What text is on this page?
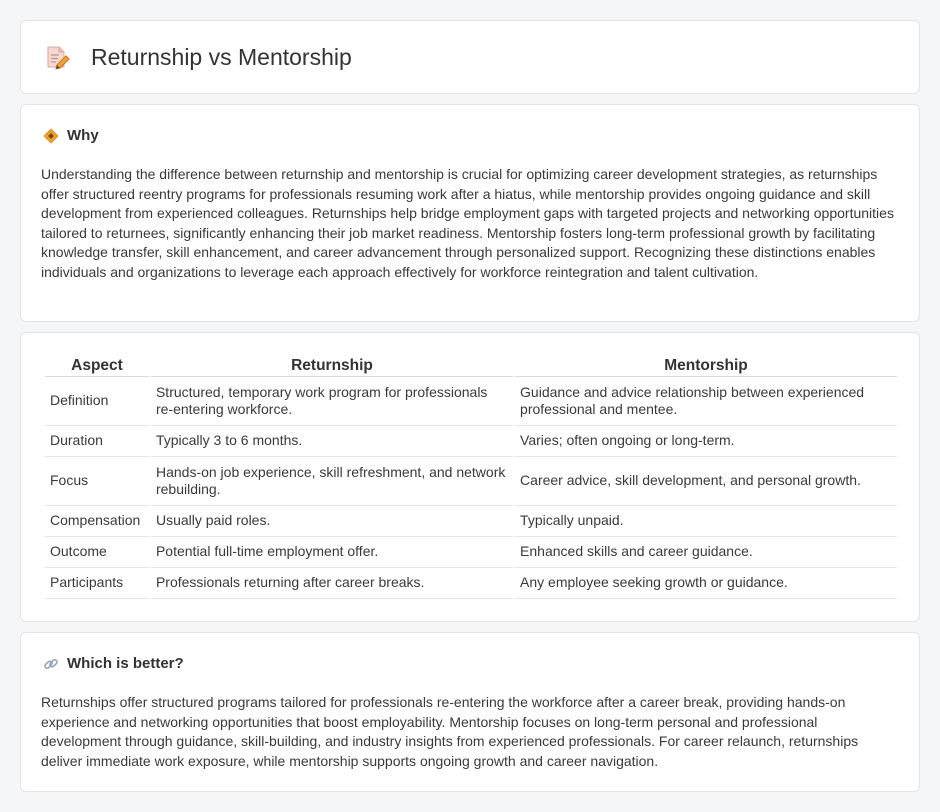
Returnship vs Mentorship
Why

Understanding the difference between returnship and mentorship is crucial for optimizing career development strategies, as returnships offer structured reentry programs for professionals resuming work after a hiatus, while mentorship provides ongoing guidance and skill development from experienced colleagues. Returnships help bridge employment gaps with targeted projects and networking opportunities tailored to returnees, significantly enhancing their job market readiness. Mentorship fosters long-term professional growth by facilitating knowledge transfer, skill enhancement, and career advancement through personalized support. Recognizing these distinctions enables individuals and organizations to leverage each approach effectively for workforce reintegration and talent cultivation.

Aspect	Returnship	Mentorship
Definition	Structured, temporary work program for professionals re-entering workforce.	Guidance and advice relationship between experienced professional and mentee.
Duration	Typically 3 to 6 months.	Varies; often ongoing or long-term.
Focus	Hands-on job experience, skill refreshment, and network rebuilding.	Career advice, skill development, and personal growth.
Compensation	Usually paid roles.	Typically unpaid.
Outcome	Potential full-time employment offer.	Enhanced skills and career guidance.
Participants	Professionals returning after career breaks.	Any employee seeking growth or guidance.
Which is better?

Returnships offer structured programs tailored for professionals re-entering the workforce after a career break, providing hands-on experience and networking opportunities that boost employability. Mentorship focuses on long-term personal and professional development through guidance, skill-building, and industry insights from experienced professionals. For career relaunch, returnships deliver immediate work exposure, while mentorship supports ongoing growth and career navigation.
